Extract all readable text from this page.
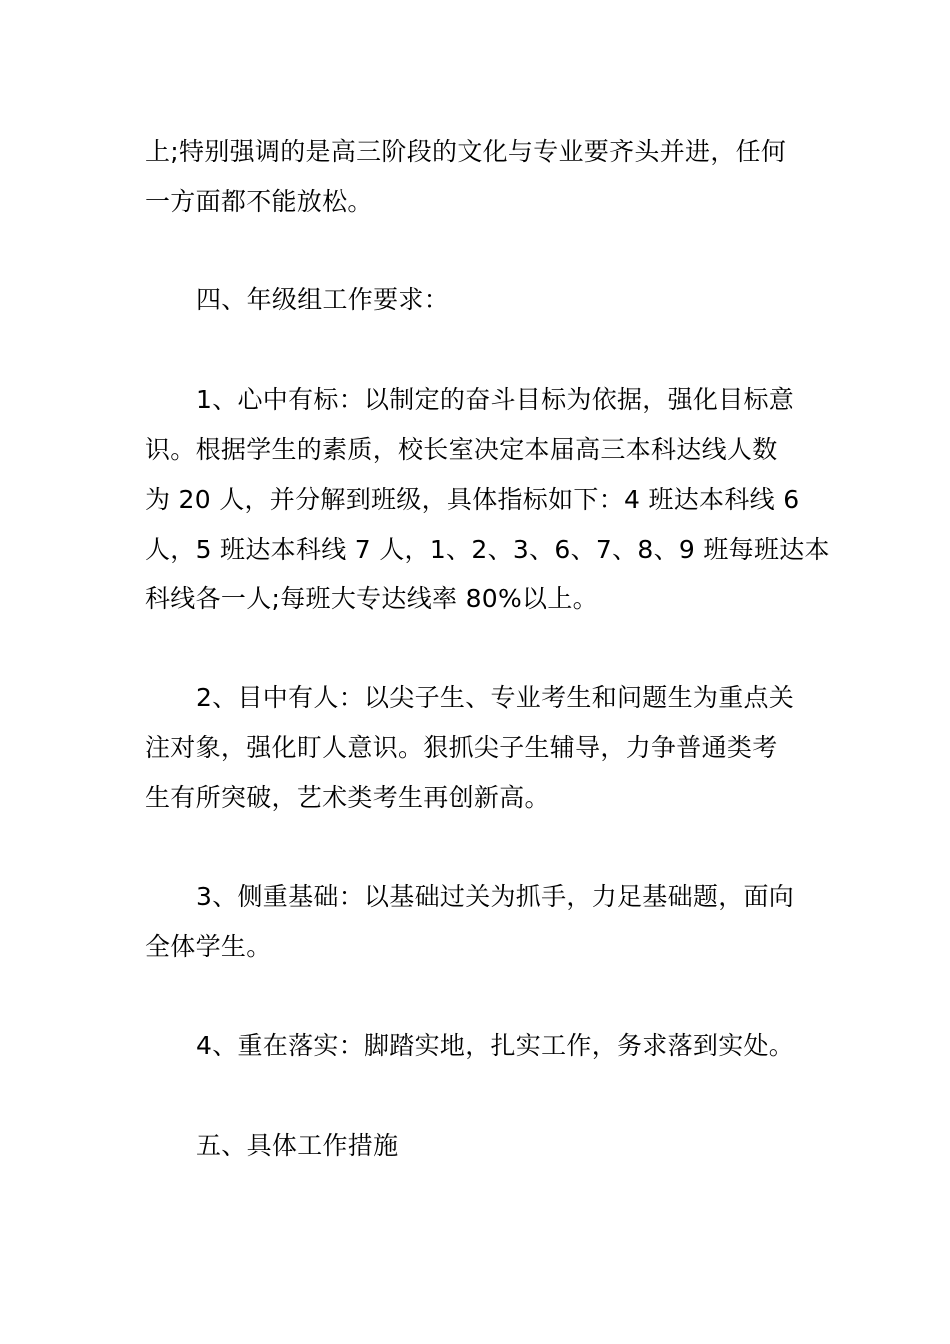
上;特别强调的是高三阶段的文化与专业要齐头并进，任何
一方面都不能放松。
四、年级组工作要求：
1、心中有标：以制定的奋斗目标为依据，强化目标意
识。根据学生的素质，校长室决定本届高三本科达线人数
为 20 人，并分解到班级，具体指标如下：4 班达本科线 6
人，5 班达本科线 7 人，1、2、3、6、7、8、9 班每班达本
科线各一人;每班大专达线率 80%以上。
2、目中有人：以尖子生、专业考生和问题生为重点关
注对象，强化盯人意识。狠抓尖子生辅导，力争普通类考
生有所突破，艺术类考生再创新高。
3、侧重基础：以基础过关为抓手，力足基础题，面向
全体学生。
4、重在落实：脚踏实地，扎实工作，务求落到实处。
五、具体工作措施
